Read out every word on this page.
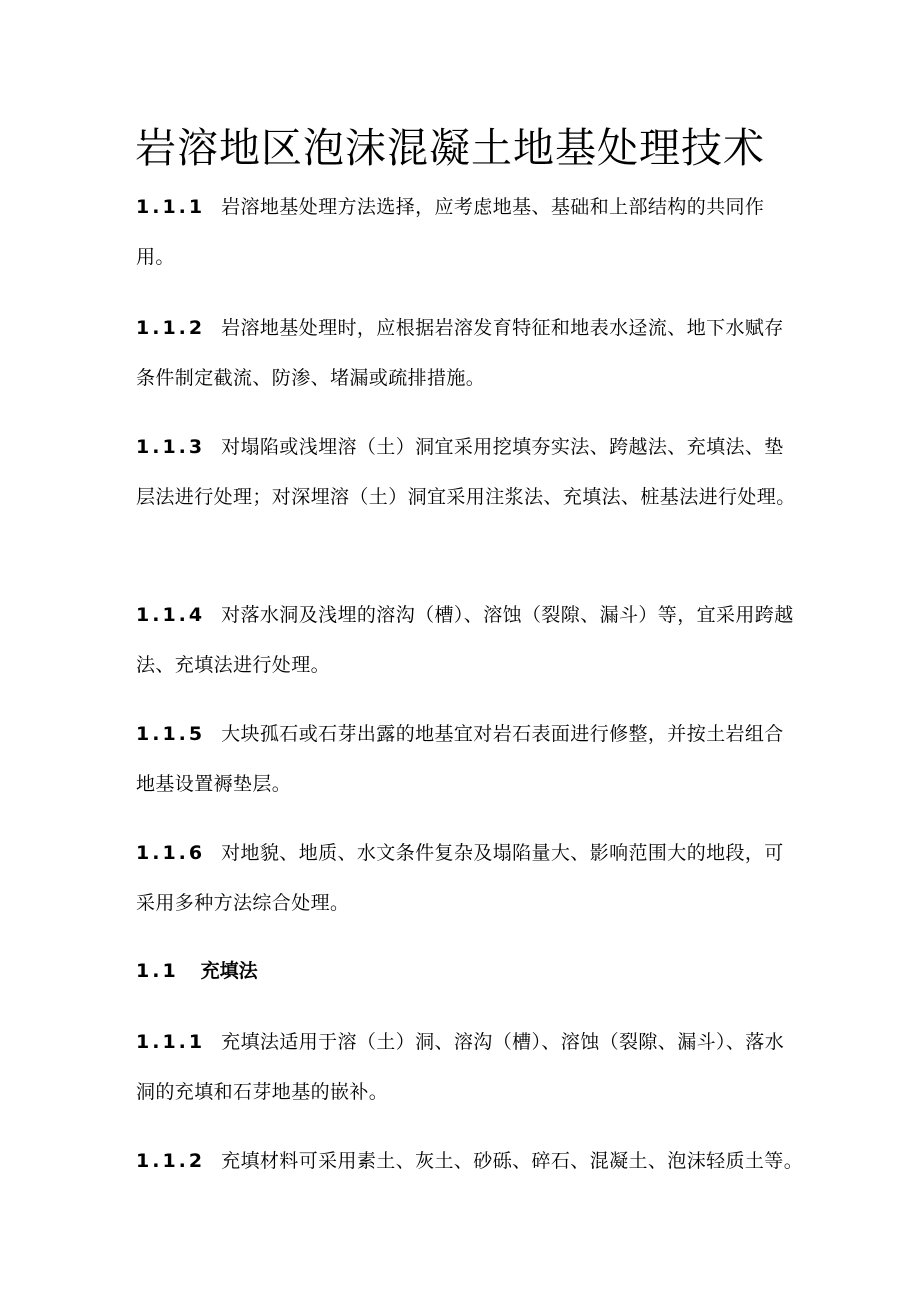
岩溶地区泡沫混凝土地基处理技术

1.1.1 岩溶地基处理方法选择，应考虑地基、基础和上部结构的共同作用。

1.1.2 岩溶地基处理时，应根据岩溶发育特征和地表水迳流、地下水赋存条件制定截流、防渗、堵漏或疏排措施。

1.1.3 对塌陷或浅埋溶（土）洞宜采用挖填夯实法、跨越法、充填法、垫层法进行处理；对深埋溶（土）洞宜采用注浆法、充填法、桩基法进行处理。

1.1.4 对落水洞及浅埋的溶沟（槽）、溶蚀（裂隙、漏斗）等，宜采用跨越法、充填法进行处理。

1.1.5 大块孤石或石芽出露的地基宜对岩石表面进行修整，并按土岩组合地基设置褥垫层。

1.1.6 对地貌、地质、水文条件复杂及塌陷量大、影响范围大的地段，可采用多种方法综合处理。

1.1 充填法

1.1.1 充填法适用于溶（土）洞、溶沟（槽）、溶蚀（裂隙、漏斗）、落水洞的充填和石芽地基的嵌补。

1.1.2 充填材料可采用素土、灰土、砂砾、碎石、混凝土、泡沫轻质土等。
